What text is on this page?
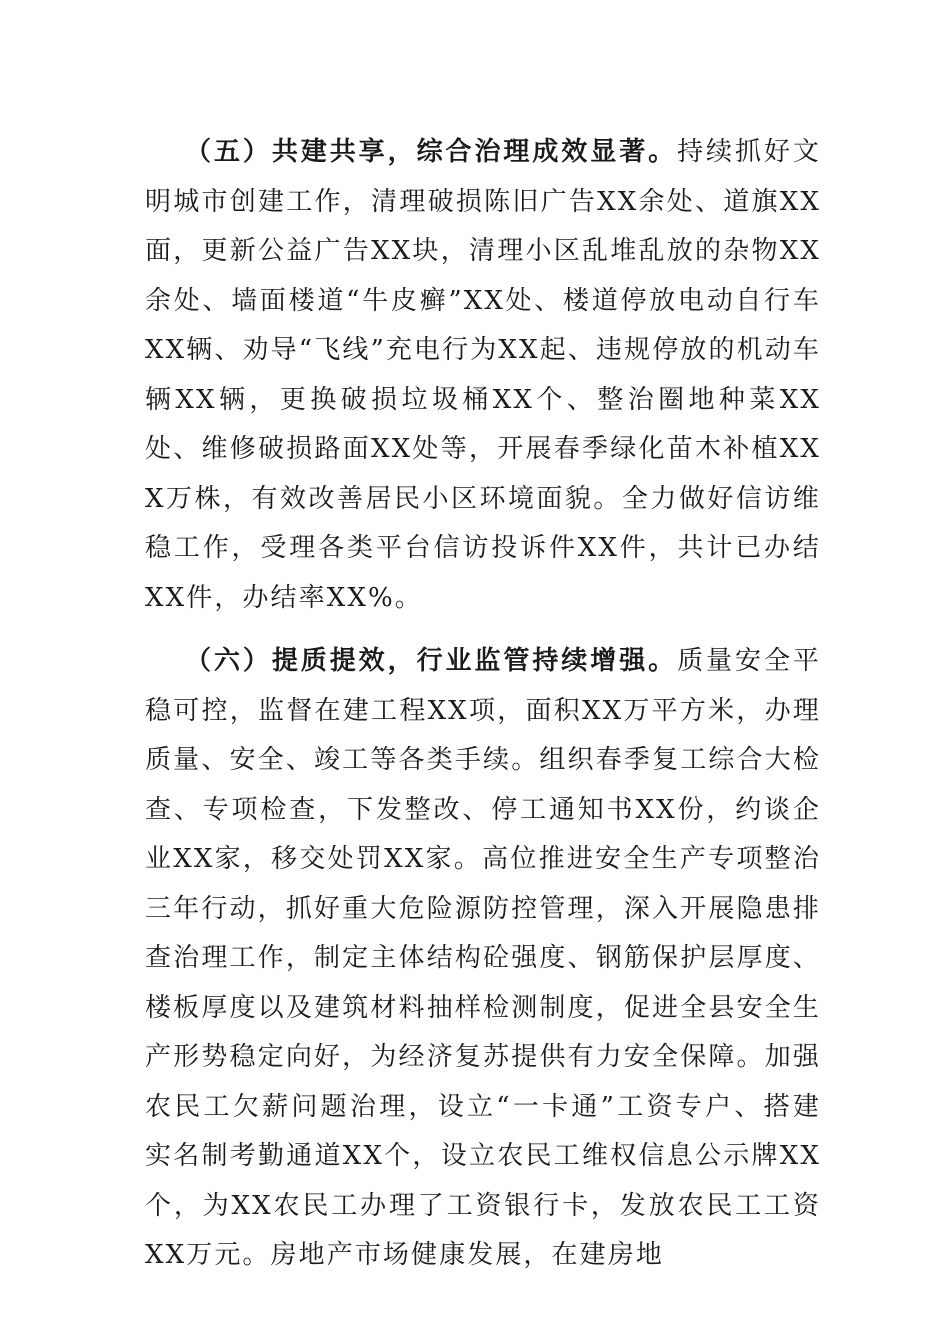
（五）共建共享，综合治理成效显著。持续抓好文明城市创建工作，清理破损陈旧广告XX余处、道旗XX面，更新公益广告XX块，清理小区乱堆乱放的杂物XX余处、墙面楼道“牛皮癣”XX处、楼道停放电动自行车XX辆、劝导“飞线”充电行为XX起、违规停放的机动车辆XX辆，更换破损垃圾桶XX个、整治圈地种菜XX处、维修破损路面XX处等，开展春季绿化苗木补植XXX万株，有效改善居民小区环境面貌。全力做好信访维稳工作，受理各类平台信访投诉件XX件，共计已办结XX件，办结率XX%。

（六）提质提效，行业监管持续增强。质量安全平稳可控，监督在建工程XX项，面积XX万平方米，办理质量、安全、竣工等各类手续。组织春季复工综合大检查、专项检查，下发整改、停工通知书XX份，约谈企业XX家，移交处罚XX家。高位推进安全生产专项整治三年行动，抓好重大危险源防控管理，深入开展隐患排查治理工作，制定主体结构砼强度、钢筋保护层厚度、楼板厚度以及建筑材料抽样检测制度，促进全县安全生产形势稳定向好，为经济复苏提供有力安全保障。加强农民工欠薪问题治理，设立“一卡通”工资专户、搭建实名制考勤通道XX个，设立农民工维权信息公示牌XX个，为XX农民工办理了工资银行卡，发放农民工工资XX万元。房地产市场健康发展，在建房地
